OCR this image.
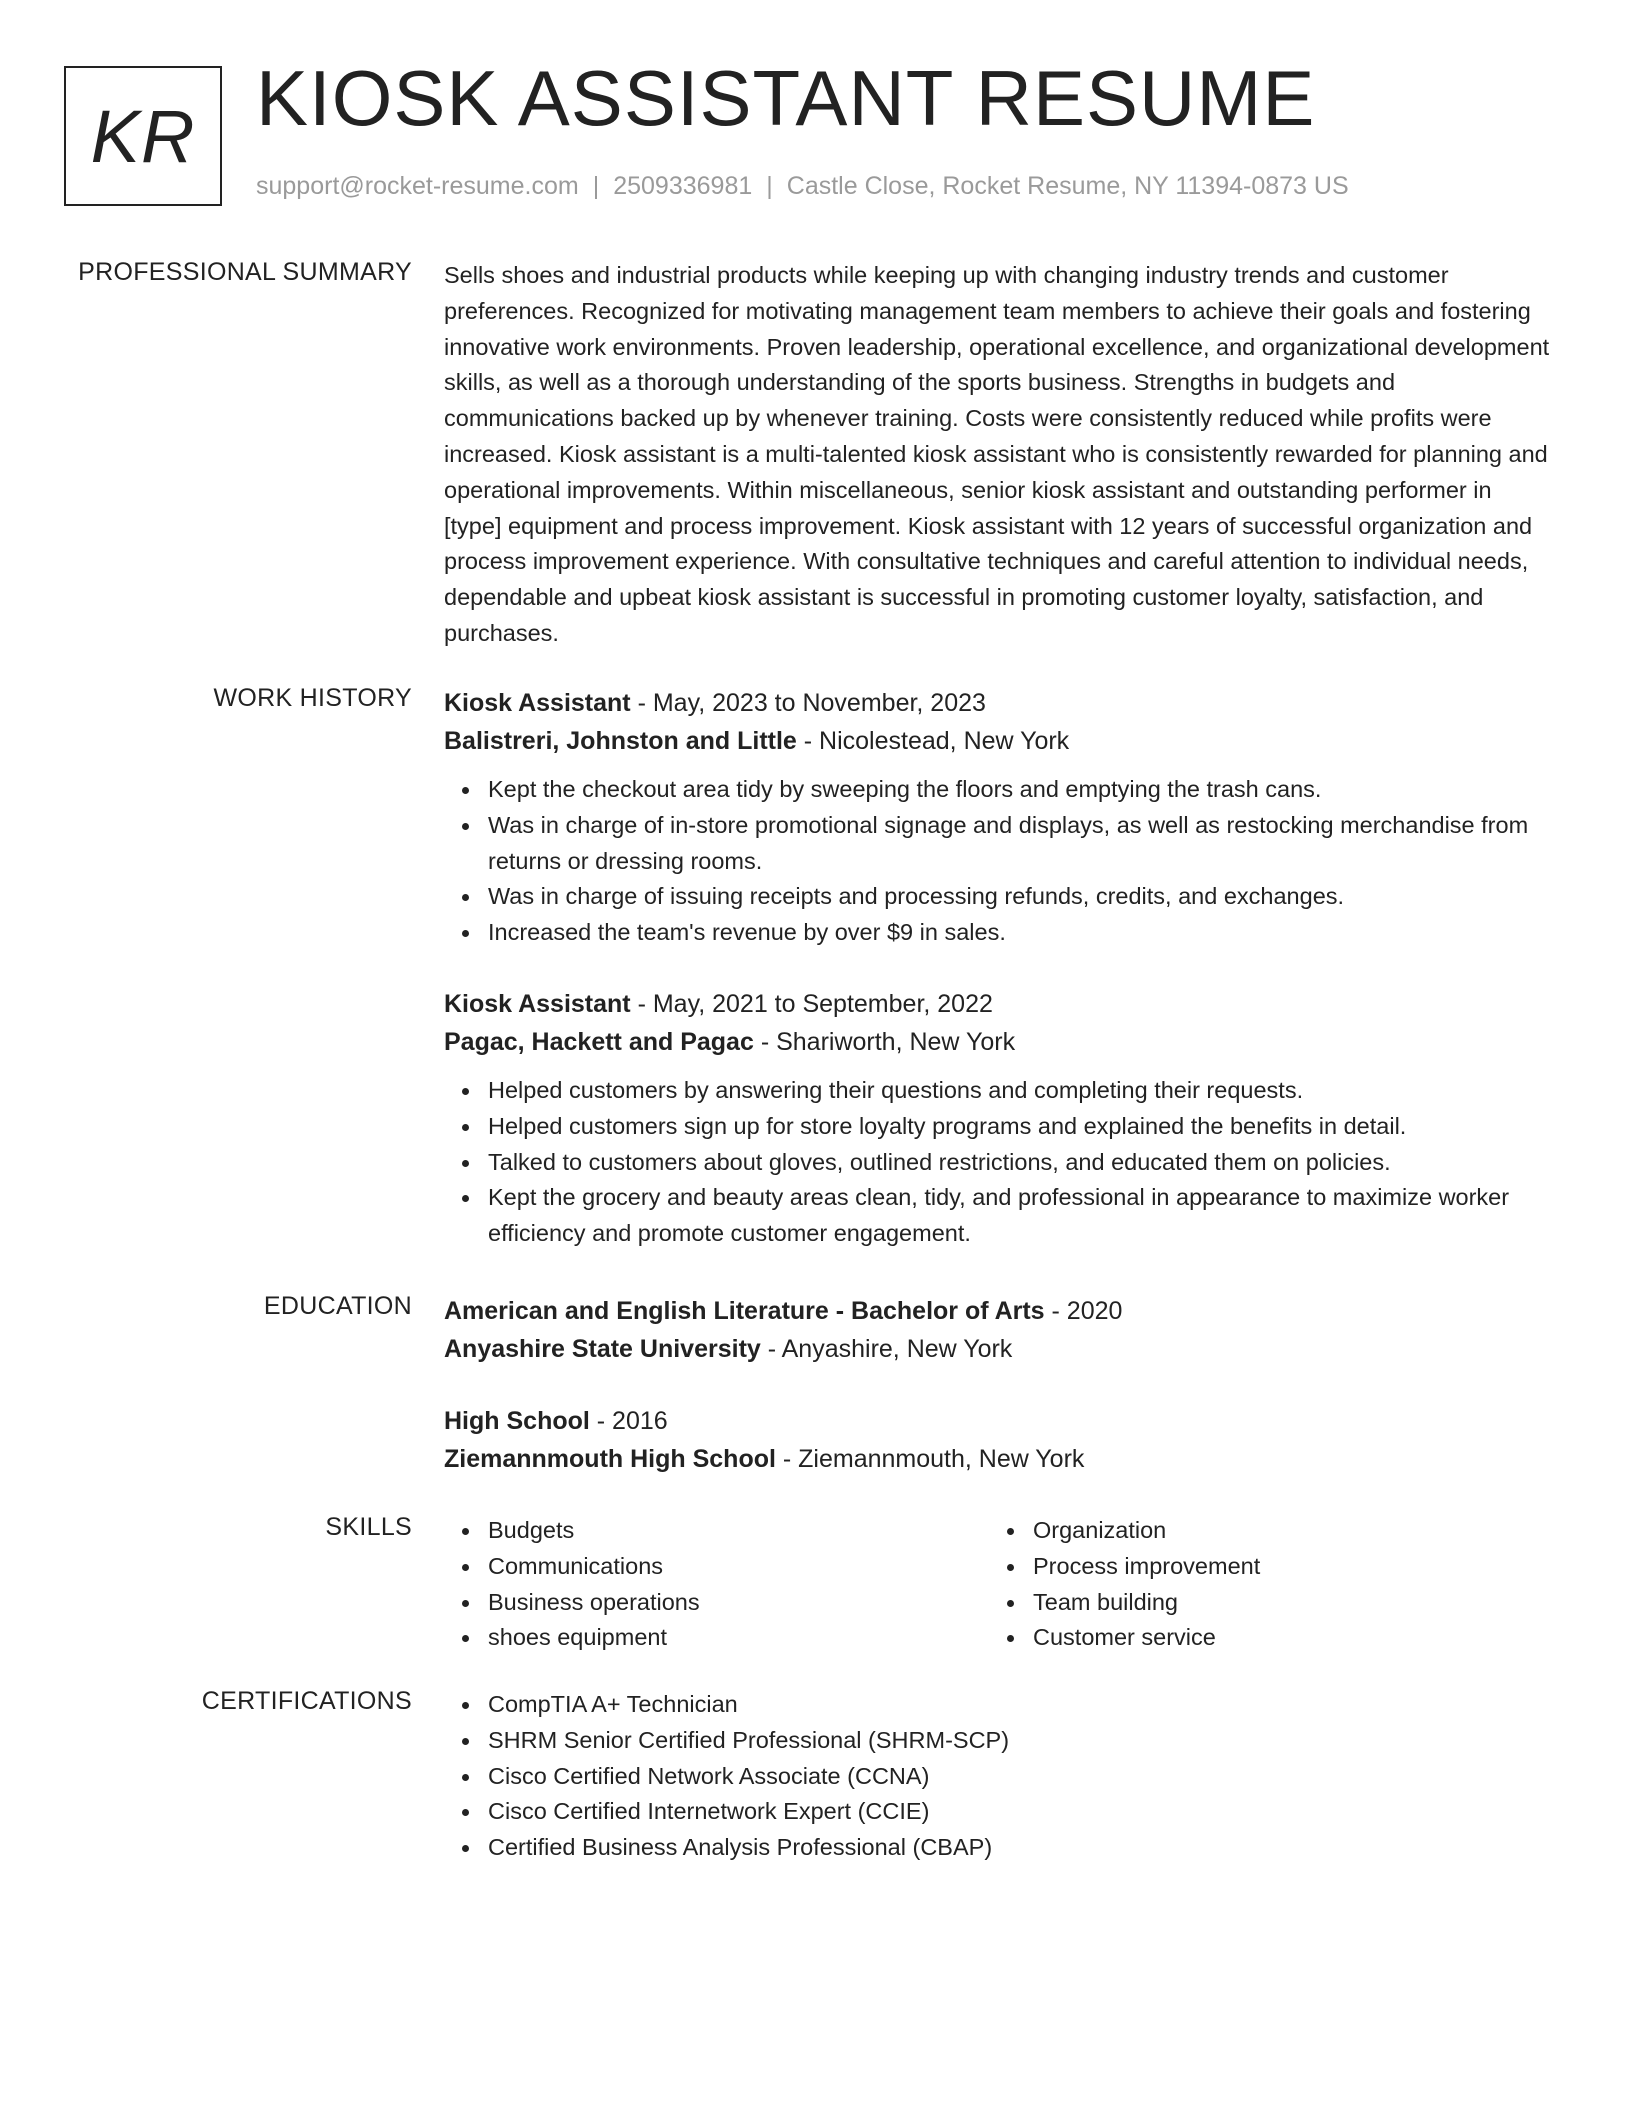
KR KIOSK ASSISTANT RESUME
support@rocket-resume.com | 2509336981 | Castle Close, Rocket Resume, NY 11394-0873 US
PROFESSIONAL SUMMARY Sells shoes and industrial products while keeping up with changing industry trends and customer preferences. Recognized for motivating management team members to achieve their goals and fostering innovative work environments. Proven leadership, operational excellence, and organizational development skills, as well as a thorough understanding of the sports business. Strengths in budgets and communications backed up by whenever training. Costs were consistently reduced while profits were increased. Kiosk assistant is a multi-talented kiosk assistant who is consistently rewarded for planning and operational improvements. Within miscellaneous, senior kiosk assistant and outstanding performer in [type] equipment and process improvement. Kiosk assistant with 12 years of successful organization and process improvement experience. With consultative techniques and careful attention to individual needs, dependable and upbeat kiosk assistant is successful in promoting customer loyalty, satisfaction, and purchases.

WORK HISTORY Kiosk Assistant - May, 2023 to November, 2023
Balistreri, Johnston and Little - Nicolestead, New York
Kept the checkout area tidy by sweeping the floors and emptying the trash cans.
Was in charge of in-store promotional signage and displays, as well as restocking merchandise from returns or dressing rooms.
Was in charge of issuing receipts and processing refunds, credits, and exchanges.
Increased the team's revenue by over $9 in sales.
Kiosk Assistant - May, 2021 to September, 2022
Pagac, Hackett and Pagac - Shariworth, New York
Helped customers by answering their questions and completing their requests.
Helped customers sign up for store loyalty programs and explained the benefits in detail.
Talked to customers about gloves, outlined restrictions, and educated them on policies.
Kept the grocery and beauty areas clean, tidy, and professional in appearance to maximize worker efficiency and promote customer engagement.
EDUCATION American and English Literature - Bachelor of Arts - 2020
Anyashire State University - Anyashire, New York
High School - 2016
Ziemannmouth High School - Ziemannmouth, New York
SKILLS	Budgets
Communications
Business operations
shoes equipment
Organization
Process improvement
Team building
Customer service
CERTIFICATIONS	CompTIA A+ Technician
SHRM Senior Certified Professional (SHRM-SCP)
Cisco Certified Network Associate (CCNA)
Cisco Certified Internetwork Expert (CCIE)
Certified Business Analysis Professional (CBAP)
